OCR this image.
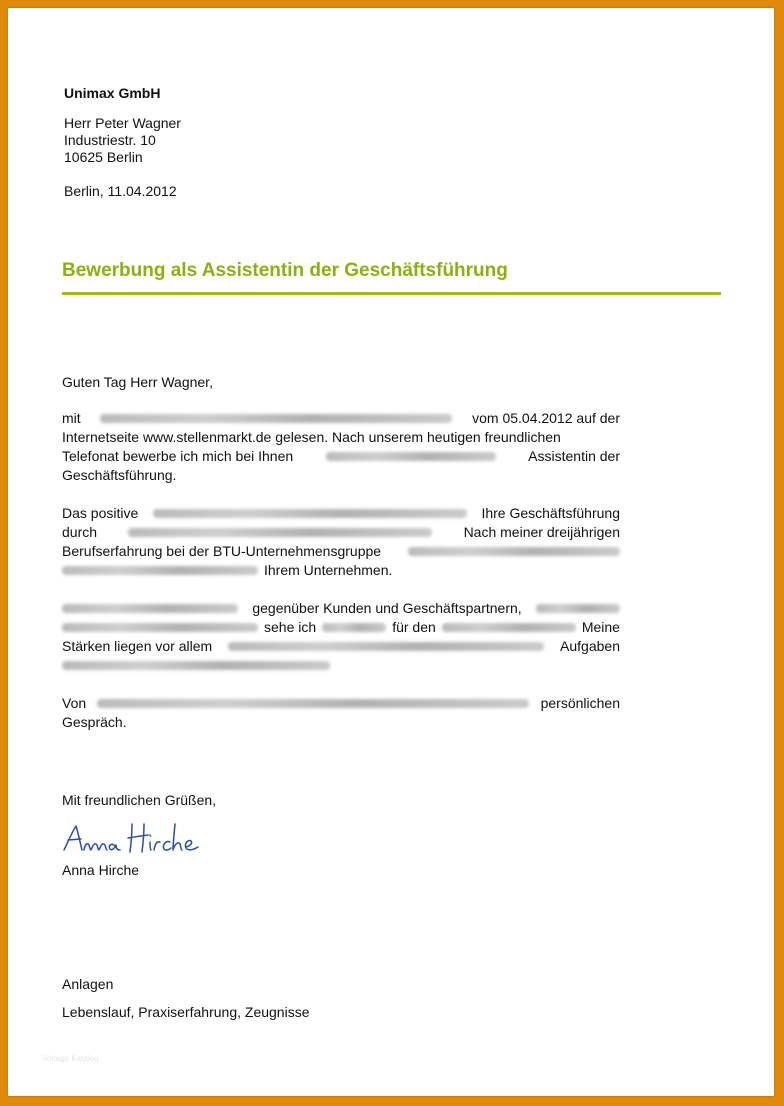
Unimax GmbH
Herr Peter Wagner
Industriestr. 10
10625 Berlin
Berlin, 11.04.2012
Bewerbung als Assistentin der Geschäftsführung
Guten Tag Herr Wagner,
mit	vom 05.04.2012 auf der
Internetseite www.stellenmarkt.de gelesen. Nach unserem heutigen freundlichen
Telefonat bewerbe ich mich bei Ihnen	Assistentin der
Geschäftsführung.
Das positive	Ihre Geschäftsführung
durch	Nach meiner dreijährigen
Berufserfahrung bei der BTU-Unternehmensgruppe
Ihrem Unternehmen.
gegenüber Kunden und Geschäftspartnern,
sehe ich	für den	Meine
Stärken liegen vor allem	Aufgaben
Von	persönlichen
Gespräch.
Mit freundlichen Grüßen,
Anna Hirche
Anlagen
Lebenslauf, Praxiserfahrung, Zeugnisse
Vorlage Katalog
